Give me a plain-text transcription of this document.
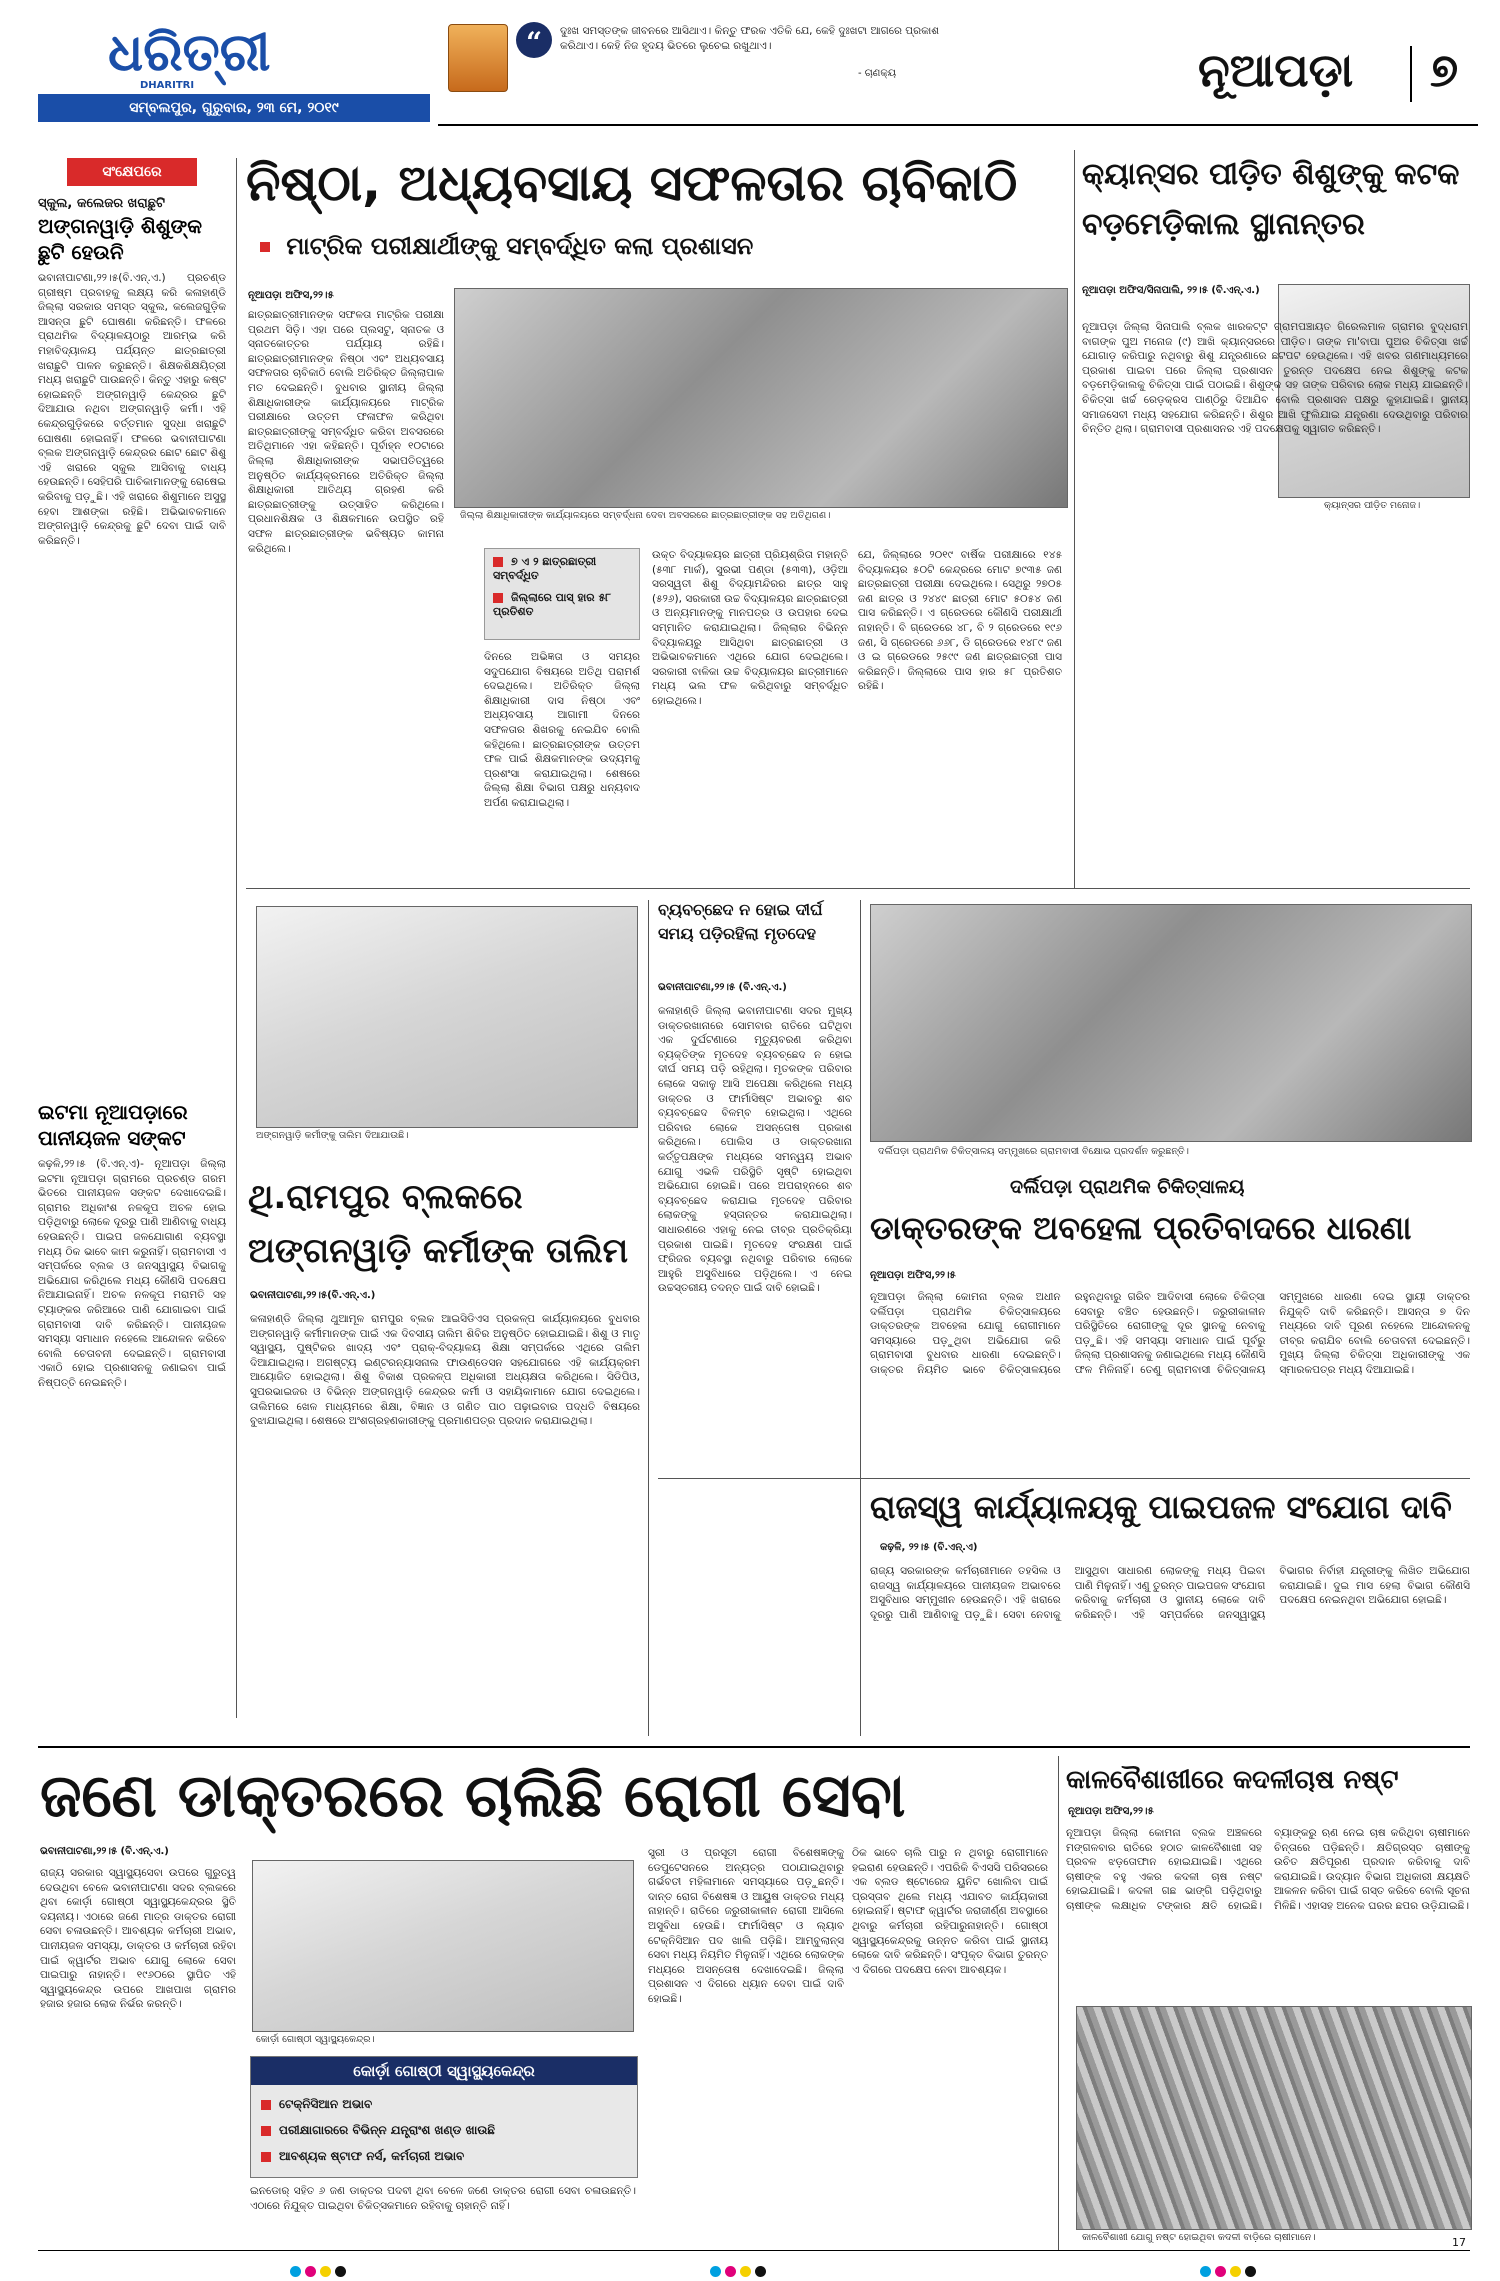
ଧରିତ୍ରୀ
DHARITRI
ସମ୍ବଲପୁର, ଗୁରୁବାର, ୨୩ ମେ, ୨୦୧୯
“	ଦୁଃଖ ସମସ୍ତଙ୍କ ଜୀବନରେ ଆସିଥାଏ। କିନ୍ତୁ ଫରକ ଏତିକି ଯେ, କେହି ଦୁଃଖଟା ଆଗରେ ପ୍ରକାଶ କରିଥାଏ। କେହି ନିଜ ହୃଦୟ ଭିତରେ ଲୁଚେଇ ରଖୁଥାଏ।
- ଚାଣକ୍ୟ	ନୂଆପଡ଼ା ୭
ସଂକ୍ଷେପରେ
ସ୍କୁଲ, କଲେଜର ଖରାଛୁଟି
ଅଙ୍ଗନୱାଡ଼ି ଶିଶୁଙ୍କ ଛୁଟି ହେଉନି
ଭବାନୀପାଟଣା,୨୨।୫(ବି.ଏନ୍.ଏ.) ପ୍ରଚଣ୍ଡ ଗ୍ରୀଷ୍ମ ପ୍ରବାହକୁ ଲକ୍ଷ୍ୟ କରି କଳାହାଣ୍ଡି ଜିଲ୍ଲା ସରକାର ସମସ୍ତ ସ୍କୁଲ, କଲେଜଗୁଡ଼ିକ ଆସନ୍ତା ଛୁଟି ଘୋଷଣା କରିଛନ୍ତି। ଫଳରେ ପ୍ରାଥମିକ ବିଦ୍ୟାଳୟଠାରୁ ଆରମ୍ଭ କରି ମହାବିଦ୍ୟାଳୟ ପର୍ଯ୍ୟନ୍ତ ଛାତ୍ରଛାତ୍ରୀ ଖରାଛୁଟି ପାଳନ କରୁଛନ୍ତି। ଶିକ୍ଷକଶିକ୍ଷୟିତ୍ରୀ ମଧ୍ୟ ଖରାଛୁଟି ପାଉଛନ୍ତି। କିନ୍ତୁ ଏହାରୁ କଷ୍ଟ ହୋଇଛନ୍ତି ଅଙ୍ଗନୱାଡ଼ି କେନ୍ଦ୍ରର ଛୁଟି ଦିଆଯାଉ ନଥିବା ଅଙ୍ଗନୱାଡ଼ି କର୍ମୀ। ଏହି କେନ୍ଦ୍ରଗୁଡ଼ିକରେ ବର୍ତ୍ତମାନ ସୁଦ୍ଧା ଖରାଛୁଟି ଘୋଷଣା ହୋଇନାହିଁ। ଫଳରେ ଭବାନୀପାଟଣା ବ୍ଲକ ଅଙ୍ଗନୱାଡ଼ି କେନ୍ଦ୍ରର ଛୋଟ ଛୋଟ ଶିଶୁ ଏହି ଖରାରେ ସ୍କୁଲ ଆସିବାକୁ ବାଧ୍ୟ ହେଉଛନ୍ତି। ସେହିପରି ପାଚିକାମାନଙ୍କୁ ରୋଷେଇ କରିବାକୁ ପଡ଼ୁଛି। ଏହି ଖରାରେ ଶିଶୁମାନେ ଅସୁସ୍ଥ ହେବା ଆଶଙ୍କା ରହିଛି। ଅଭିଭାବକମାନେ ଅଙ୍ଗନୱାଡ଼ି କେନ୍ଦ୍ରକୁ ଛୁଟି ଦେବା ପାଇଁ ଦାବି କରିଛନ୍ତି।
ଇଟମା ନୂଆପଡ଼ାରେ ପାନୀୟଜଳ ସଙ୍କଟ
କଢ଼ଳି,୨୨।୫ (ବି.ଏନ୍.ଏ)- ନୂଆପଡ଼ା ଜିଲ୍ଲା ଇଟମା ନୂଆପଡ଼ା ଗ୍ରାମରେ ପ୍ରଚଣ୍ଡ ଗରମ ଭିତରେ ପାନୀୟଜଳ ସଙ୍କଟ ଦେଖାଦେଇଛି। ଗ୍ରାମର ଅଧିକାଂଶ ନଳକୂପ ଅଚଳ ହୋଇ ପଡ଼ିଥିବାରୁ ଲୋକେ ଦୂରରୁ ପାଣି ଆଣିବାକୁ ବାଧ୍ୟ ହେଉଛନ୍ତି। ପାଇପ ଜଳଯୋଗାଣ ବ୍ୟବସ୍ଥା ମଧ୍ୟ ଠିକ ଭାବେ କାମ କରୁନାହିଁ। ଗ୍ରାମବାସୀ ଏ ସମ୍ପର୍କରେ ବ୍ଲକ ଓ ଜନସ୍ୱାସ୍ଥ୍ୟ ବିଭାଗକୁ ଅଭିଯୋଗ କରିଥିଲେ ମଧ୍ୟ କୌଣସି ପଦକ୍ଷେପ ନିଆଯାଇନାହିଁ। ଅଚଳ ନଳକୂପ ମରାମତି ସହ ଟ୍ୟାଙ୍କର ଜରିଆରେ ପାଣି ଯୋଗାଇବା ପାଇଁ ଗ୍ରାମବାସୀ ଦାବି କରିଛନ୍ତି। ପାନୀୟଜଳ ସମସ୍ୟା ସମାଧାନ ନହେଲେ ଆନ୍ଦୋଳନ କରିବେ ବୋଲି ଚେତାବନୀ ଦେଇଛନ୍ତି। ଗ୍ରାମବାସୀ ଏକାଠି ହୋଇ ପ୍ରଶାସନକୁ ଜଣାଇବା ପାଇଁ ନିଷ୍ପତ୍ତି ନେଇଛନ୍ତି।
ନିଷ୍ଠା, ଅଧ୍ୟବସାୟ ସଫଳତାର ଚାବିକାଠି
ମାଟ୍ରିକ ପରୀକ୍ଷାର୍ଥୀଙ୍କୁ ସମ୍ବର୍ଦ୍ଧିତ କଲା ପ୍ରଶାସନ
ନୂଆପଡ଼ା ଅଫିସ,୨୨।୫
ଛାତ୍ରଛାତ୍ରୀମାନଙ୍କ ସଫଳତା ମାଟ୍ରିକ ପରୀକ୍ଷା ପ୍ରଥମ ସିଡ଼ି। ଏହା ପରେ ପ୍ଲସଟୁ, ସ୍ନାତକ ଓ ସ୍ନାତକୋତ୍ତର ପର୍ଯ୍ୟାୟ ରହିଛି। ଛାତ୍ରଛାତ୍ରୀମାନଙ୍କ ନିଷ୍ଠା ଏବଂ ଅଧ୍ୟବସାୟ ସଫଳତାର ଚାବିକାଠି ବୋଲି ଅତିରିକ୍ତ ଜିଲ୍ଲାପାଳ ମତ ଦେଇଛନ୍ତି। ବୁଧବାର ସ୍ଥାନୀୟ ଜିଲ୍ଲା ଶିକ୍ଷାଧିକାରୀଙ୍କ କାର୍ଯ୍ୟାଳୟରେ ମାଟ୍ରିକ ପରୀକ୍ଷାରେ ଉତ୍ତମ ଫଳାଫଳ କରିଥିବା ଛାତ୍ରଛାତ୍ରୀଙ୍କୁ ସମ୍ବର୍ଦ୍ଧିତ କରିବା ଅବସରରେ ଅତିଥିମାନେ ଏହା କହିଛନ୍ତି। ପୂର୍ବାହ୍ନ ୧୦ଟାରେ ଜିଲ୍ଲା ଶିକ୍ଷାଧିକାରୀଙ୍କ ସଭାପତିତ୍ୱରେ ଅନୁଷ୍ଠିତ କାର୍ଯ୍ୟକ୍ରମରେ ଅତିରିକ୍ତ ଜିଲ୍ଲା ଶିକ୍ଷାଧିକାରୀ ଆତିଥ୍ୟ ଗ୍ରହଣ କରି ଛାତ୍ରଛାତ୍ରୀଙ୍କୁ ଉତ୍ସାହିତ କରିଥିଲେ। ପ୍ରଧାନଶିକ୍ଷକ ଓ ଶିକ୍ଷକମାନେ ଉପସ୍ଥିତ ରହି ସଫଳ ଛାତ୍ରଛାତ୍ରୀଙ୍କ ଭବିଷ୍ୟତ କାମନା କରିଥିଲେ।
ଜିଲ୍ଲା ଶିକ୍ଷାଧିକାରୀଙ୍କ କାର୍ଯ୍ୟାଳୟରେ ସମ୍ବର୍ଦ୍ଧନା ଦେବା ଅବସରରେ ଛାତ୍ରଛାତ୍ରୀଙ୍କ ସହ ଅତିଥିଗଣ।
୭ ଏ ୨ ଛାତ୍ରଛାତ୍ରୀ ସମ୍ବର୍ଦ୍ଧିତ
ଜିଲ୍ଲାରେ ପାସ୍ ହାର ୫୮ ପ୍ରତିଶତ
ଦିନରେ ଅଭିଜ୍ଞତା ଓ ସମୟର ସଦୁପଯୋଗ ବିଷୟରେ ଅତିଥି ପରାମର୍ଶ ଦେଇଥିଲେ। ଅତିରିକ୍ତ ଜିଲ୍ଲା ଶିକ୍ଷାଧିକାରୀ ଦାସ ନିଷ୍ଠା ଏବଂ ଅଧ୍ୟବସାୟ ଆଗାମୀ ଦିନରେ ସଫଳତାର ଶିଖରକୁ ନେଇଯିବ ବୋଲି କହିଥିଲେ। ଛାତ୍ରଛାତ୍ରୀଙ୍କ ଉତ୍ତମ ଫଳ ପାଇଁ ଶିକ୍ଷକମାନଙ୍କ ଉଦ୍ୟମକୁ ପ୍ରଶଂସା କରାଯାଇଥିଲା। ଶେଷରେ ଜିଲ୍ଲା ଶିକ୍ଷା ବିଭାଗ ପକ୍ଷରୁ ଧନ୍ୟବାଦ ଅର୍ପଣ କରାଯାଇଥିଲା।
ଉକ୍ତ ବିଦ୍ୟାଳୟର ଛାତ୍ରୀ ପ୍ରିୟଶ୍ରିତା ମହାନ୍ତି (୫୩୮ ମାର୍କ), ସୁରଭୀ ପଣ୍ଡା (୫୩୩), ଓଡ଼ିଆ ସରସ୍ୱତୀ ଶିଶୁ ବିଦ୍ୟାମନ୍ଦିରର ଛାତ୍ର ସାହୁ (୫୨୬), ସରକାରୀ ଉଚ୍ଚ ବିଦ୍ୟାଳୟର ଛାତ୍ରଛାତ୍ରୀ ଓ ଅନ୍ୟମାନଙ୍କୁ ମାନପତ୍ର ଓ ଉପହାର ଦେଇ ସମ୍ମାନିତ କରାଯାଇଥିଲା। ଜିଲ୍ଲାର ବିଭିନ୍ନ ବିଦ୍ୟାଳୟରୁ ଆସିଥିବା ଛାତ୍ରଛାତ୍ରୀ ଓ ଅଭିଭାବକମାନେ ଏଥିରେ ଯୋଗ ଦେଇଥିଲେ। ସରକାରୀ ବାଳିକା ଉଚ୍ଚ ବିଦ୍ୟାଳୟର ଛାତ୍ରୀମାନେ ମଧ୍ୟ ଭଲ ଫଳ କରିଥିବାରୁ ସମ୍ବର୍ଦ୍ଧିତ ହୋଇଥିଲେ।
ଯେ, ଜିଲ୍ଲାରେ ୨୦୧୯ ବାର୍ଷିକ ପରୀକ୍ଷାରେ ୧୪୫ ବିଦ୍ୟାଳୟର ୫୦ଟି କେନ୍ଦ୍ରରେ ମୋଟ ୭୯୩୫ ଜଣ ଛାତ୍ରଛାତ୍ରୀ ପରୀକ୍ଷା ଦେଇଥିଲେ। ସେଥିରୁ ୨୭୦୫ ଜଣ ଛାତ୍ର ଓ ୨୪୪୯ ଛାତ୍ରୀ ମୋଟ ୫୦୫୪ ଜଣ ପାସ କରିଛନ୍ତି। ଏ ଗ୍ରେଡରେ କୌଣସି ପରୀକ୍ଷାର୍ଥୀ ନାହାନ୍ତି। ବି ଗ୍ରେଡରେ ୪୮, ବି ୨ ଗ୍ରେଡରେ ୧୯୬ ଜଣ, ସି ଗ୍ରେଡରେ ୬୬୮, ଡି ଗ୍ରେଡରେ ୧୪୮୯ ଜଣ ଓ ଇ ଗ୍ରେଡରେ ୨୫୯୯ ଜଣ ଛାତ୍ରଛାତ୍ରୀ ପାସ କରିଛନ୍ତି। ଜିଲ୍ଲାରେ ପାସ ହାର ୫୮ ପ୍ରତିଶତ ରହିଛି।
କ୍ୟାନ୍ସର ପୀଡ଼ିତ ଶିଶୁଙ୍କୁ କଟକ ବଡ଼ମେଡ଼ିକାଲ ସ୍ଥାନାନ୍ତର
ନୂଆପଡ଼ା ଅଫିସ/ସିନାପାଲି, ୨୨।୫ (ବି.ଏନ୍.ଏ.)
କ୍ୟାନ୍ସର ପୀଡ଼ିତ ମନୋଜ।
ନୂଆପଡ଼ା ଜିଲ୍ଲା ସିନାପାଲି ବ୍ଲକ ଖାରକଟ୍ଟ ଗ୍ରାମପଞ୍ଚାୟତ ଗିରେଲମାଳ ଗ୍ରାମର ବୁଦ୍ଧରାମ ବାଗଙ୍କ ପୁଅ ମନୋଜ (୯) ଆଖି କ୍ୟାନ୍ସରରେ ପୀଡ଼ିତ। ତାଙ୍କ ମା'ବାପା ପୁଅର ଚିକିତ୍ସା ଖର୍ଚ୍ଚ ଯୋଗାଡ଼ କରିପାରୁ ନଥିବାରୁ ଶିଶୁ ଯନ୍ତ୍ରଣାରେ ଛଟପଟ ହେଉଥିଲେ। ଏହି ଖବର ଗଣମାଧ୍ୟମରେ ପ୍ରକାଶ ପାଇବା ପରେ ଜିଲ୍ଲା ପ୍ରଶାସନ ତୁରନ୍ତ ପଦକ୍ଷେପ ନେଇ ଶିଶୁଙ୍କୁ କଟକ ବଡ଼ମେଡ଼ିକାଲକୁ ଚିକିତ୍ସା ପାଇଁ ପଠାଇଛି। ଶିଶୁଙ୍କ ସହ ତାଙ୍କ ପରିବାର ଲୋକ ମଧ୍ୟ ଯାଇଛନ୍ତି। ଚିକିତ୍ସା ଖର୍ଚ୍ଚ ରେଡ଼କ୍ରସ ପାଣ୍ଠିରୁ ଦିଆଯିବ ବୋଲି ପ୍ରଶାସନ ପକ୍ଷରୁ କୁହାଯାଇଛି। ସ୍ଥାନୀୟ ସମାଜସେବୀ ମଧ୍ୟ ସହଯୋଗ କରିଛନ୍ତି। ଶିଶୁର ଆଖି ଫୁଲିଯାଇ ଯନ୍ତ୍ରଣା ଦେଉଥିବାରୁ ପରିବାର ଚିନ୍ତିତ ଥିଲା। ଗ୍ରାମବାସୀ ପ୍ରଶାସନର ଏହି ପଦକ୍ଷେପକୁ ସ୍ୱାଗତ କରିଛନ୍ତି।
ଅଙ୍ଗନୱାଡ଼ି କର୍ମୀଙ୍କୁ ତାଲିମ ଦିଆଯାଉଛି।
ଥି.ରାମପୁର ବ୍ଲକରେ ଅଙ୍ଗନୱାଡ଼ି କର୍ମୀଙ୍କ ତାଲିମ
ଭବାନୀପାଟଣା,୨୨।୫(ବି.ଏନ୍.ଏ.)
କଳାହାଣ୍ଡି ଜିଲ୍ଲା ଥୁଆମୂଳ ରାମପୁର ବ୍ଲକ ଆଇସିଡିଏସ ପ୍ରକଳ୍ପ କାର୍ଯ୍ୟାଳୟରେ ବୁଧବାର ଅଙ୍ଗନୱାଡ଼ି କର୍ମୀମାନଙ୍କ ପାଇଁ ଏକ ଦିବସୀୟ ତାଲିମ ଶିବିର ଅନୁଷ୍ଠିତ ହୋଇଯାଇଛି। ଶିଶୁ ଓ ମାତୃ ସ୍ୱାସ୍ଥ୍ୟ, ପୁଷ୍ଟିକର ଖାଦ୍ୟ ଏବଂ ପ୍ରାକ୍-ବିଦ୍ୟାଳୟ ଶିକ୍ଷା ସମ୍ପର୍କରେ ଏଥିରେ ତାଲିମ ଦିଆଯାଇଥିଲା। ଅଗଷ୍ଟ୍ୟ ଇଣ୍ଟରନ୍ୟାସନାଲ ଫାଉଣ୍ଡେସନ ସହଯୋଗରେ ଏହି କାର୍ଯ୍ୟକ୍ରମ ଆୟୋଜିତ ହୋଇଥିଲା। ଶିଶୁ ବିକାଶ ପ୍ରକଳ୍ପ ଅଧିକାରୀ ଅଧ୍ୟକ୍ଷତା କରିଥିଲେ। ସିଡିପିଓ, ସୁପରଭାଇଜର ଓ ବିଭିନ୍ନ ଅଙ୍ଗନୱାଡ଼ି କେନ୍ଦ୍ରର କର୍ମୀ ଓ ସହାୟିକାମାନେ ଯୋଗ ଦେଇଥିଲେ। ତାଲିମରେ ଖେଳ ମାଧ୍ୟମରେ ଶିକ୍ଷା, ବିଜ୍ଞାନ ଓ ଗଣିତ ପାଠ ପଢ଼ାଇବାର ପଦ୍ଧତି ବିଷୟରେ ବୁଝାଯାଇଥିଲା। ଶେଷରେ ଅଂଶଗ୍ରହଣକାରୀଙ୍କୁ ପ୍ରମାଣପତ୍ର ପ୍ରଦାନ କରାଯାଇଥିଲା।
ବ୍ୟବଚ୍ଛେଦ ନ ହୋଇ ଦୀର୍ଘ ସମୟ ପଡ଼ିରହିଲା ମୃତଦେହ
ଭବାନୀପାଟଣା,୨୨।୫ (ବି.ଏନ୍.ଏ.)
କଳାହାଣ୍ଡି ଜିଲ୍ଲା ଭବାନୀପାଟଣା ସଦର ମୁଖ୍ୟ ଡାକ୍ତରଖାନାରେ ସୋମବାର ରାତିରେ ଘଟିଥିବା ଏକ ଦୁର୍ଘଟଣାରେ ମୃତ୍ୟୁବରଣ କରିଥିବା ବ୍ୟକ୍ତିଙ୍କ ମୃତଦେହ ବ୍ୟବଚ୍ଛେଦ ନ ହୋଇ ଦୀର୍ଘ ସମୟ ପଡ଼ି ରହିଥିଲା। ମୃତକଙ୍କ ପରିବାର ଲୋକେ ସକାଳୁ ଆସି ଅପେକ୍ଷା କରିଥିଲେ ମଧ୍ୟ ଡାକ୍ତର ଓ ଫାର୍ମାସିଷ୍ଟ ଅଭାବରୁ ଶବ ବ୍ୟବଚ୍ଛେଦ ବିଳମ୍ବ ହୋଇଥିଲା। ଏଥିରେ ପରିବାର ଲୋକେ ଅସନ୍ତୋଷ ପ୍ରକାଶ କରିଥିଲେ। ପୋଲିସ ଓ ଡାକ୍ତରଖାନା କର୍ତ୍ତୃପକ୍ଷଙ୍କ ମଧ୍ୟରେ ସମନ୍ୱୟ ଅଭାବ ଯୋଗୁ ଏଭଳି ପରିସ୍ଥିତି ସୃଷ୍ଟି ହୋଇଥିବା ଅଭିଯୋଗ ହୋଇଛି। ପରେ ଅପରାହ୍ନରେ ଶବ ବ୍ୟବଚ୍ଛେଦ କରାଯାଇ ମୃତଦେହ ପରିବାର ଲୋକଙ୍କୁ ହସ୍ତାନ୍ତର କରାଯାଇଥିଲା। ସାଧାରଣରେ ଏହାକୁ ନେଇ ତୀବ୍ର ପ୍ରତିକ୍ରିୟା ପ୍ରକାଶ ପାଇଛି। ମୃତଦେହ ସଂରକ୍ଷଣ ପାଇଁ ଫ୍ରିଜର ବ୍ୟବସ୍ଥା ନଥିବାରୁ ପରିବାର ଲୋକେ ଆହୁରି ଅସୁବିଧାରେ ପଡ଼ିଥିଲେ। ଏ ନେଇ ଉଚ୍ଚସ୍ତରୀୟ ତଦନ୍ତ ପାଇଁ ଦାବି ହୋଇଛି।
ଦର୍ଲିପଡ଼ା ପ୍ରାଥମିକ ଚିକିତ୍ସାଳୟ ସମ୍ମୁଖରେ ଗ୍ରାମବାସୀ ବିକ୍ଷୋଭ ପ୍ରଦର୍ଶନ କରୁଛନ୍ତି।
ଦର୍ଲିପଡ଼ା ପ୍ରାଥମିକ ଚିକିତ୍ସାଳୟ
ଡାକ୍ତରଙ୍କ ଅବହେଳା ପ୍ରତିବାଦରେ ଧାରଣା
ନୂଆପଡ଼ା ଅଫିସ,୨୨।୫
ନୂଆପଡ଼ା ଜିଲ୍ଲା କୋମନା ବ୍ଲକ ଅଧୀନ ଦର୍ଲିପଡ଼ା ପ୍ରାଥମିକ ଚିକିତ୍ସାଳୟରେ ଡାକ୍ତରଙ୍କ ଅବହେଳା ଯୋଗୁ ରୋଗୀମାନେ ସମସ୍ୟାରେ ପଡ଼ୁଥିବା ଅଭିଯୋଗ କରି ଗ୍ରାମବାସୀ ବୁଧବାର ଧାରଣା ଦେଇଛନ୍ତି। ଡାକ୍ତର ନିୟମିତ ଭାବେ ଚିକିତ୍ସାଳୟରେ ରହୁନଥିବାରୁ ଗରିବ ଆଦିବାସୀ ଲୋକେ ଚିକିତ୍ସା ସେବାରୁ ବଞ୍ଚିତ ହେଉଛନ୍ତି। ଜରୁରୀକାଳୀନ ପରିସ୍ଥିତିରେ ରୋଗୀଙ୍କୁ ଦୂର ସ୍ଥାନକୁ ନେବାକୁ ପଡ଼ୁଛି। ଏହି ସମସ୍ୟା ସମାଧାନ ପାଇଁ ପୂର୍ବରୁ ଜିଲ୍ଲା ପ୍ରଶାସନକୁ ଜଣାଇଥିଲେ ମଧ୍ୟ କୌଣସି ଫଳ ମିଳିନାହିଁ। ତେଣୁ ଗ୍ରାମବାସୀ ଚିକିତ୍ସାଳୟ ସମ୍ମୁଖରେ ଧାରଣା ଦେଇ ସ୍ଥାୟୀ ଡାକ୍ତର ନିଯୁକ୍ତି ଦାବି କରିଛନ୍ତି। ଆସନ୍ତା ୭ ଦିନ ମଧ୍ୟରେ ଦାବି ପୂରଣ ନହେଲେ ଆନ୍ଦୋଳନକୁ ତୀବ୍ର କରାଯିବ ବୋଲି ଚେତାବନୀ ଦେଇଛନ୍ତି। ମୁଖ୍ୟ ଜିଲ୍ଲା ଚିକିତ୍ସା ଅଧିକାରୀଙ୍କୁ ଏକ ସ୍ମାରକପତ୍ର ମଧ୍ୟ ଦିଆଯାଇଛି।
ରାଜସ୍ୱ କାର୍ଯ୍ୟାଳୟକୁ ପାଇପଜଳ ସଂଯୋଗ ଦାବି
କଢ଼ଳି, ୨୨।୫ (ବି.ଏନ୍.ଏ)
ରାଜ୍ୟ ସରକାରଙ୍କ କର୍ମଚାରୀମାନେ ତହସିଲ ଓ ରାଜସ୍ୱ କାର୍ଯ୍ୟାଳୟରେ ପାନୀୟଜଳ ଅଭାବରେ ଅସୁବିଧାର ସମ୍ମୁଖୀନ ହେଉଛନ୍ତି। ଏହି ଖରାରେ ଦୂରରୁ ପାଣି ଆଣିବାକୁ ପଡ଼ୁଛି। ସେବା ନେବାକୁ ଆସୁଥିବା ସାଧାରଣ ଲୋକଙ୍କୁ ମଧ୍ୟ ପିଇବା ପାଣି ମିଳୁନାହିଁ। ଏଣୁ ତୁରନ୍ତ ପାଇପଜଳ ସଂଯୋଗ କରିବାକୁ କର୍ମଚାରୀ ଓ ସ୍ଥାନୀୟ ଲୋକେ ଦାବି କରିଛନ୍ତି। ଏହି ସମ୍ପର୍କରେ ଜନସ୍ୱାସ୍ଥ୍ୟ ବିଭାଗର ନିର୍ବାହୀ ଯନ୍ତ୍ରୀଙ୍କୁ ଲିଖିତ ଅଭିଯୋଗ କରାଯାଇଛି। ଦୁଇ ମାସ ହେଲା ବିଭାଗ କୌଣସି ପଦକ୍ଷେପ ନେଇନଥିବା ଅଭିଯୋଗ ହୋଇଛି।
ଜଣେ ଡାକ୍ତରରେ ଚାଲିଛି ରୋଗୀ ସେବା
ଭବାନୀପାଟଣା,୨୨।୫ (ବି.ଏନ୍.ଏ.)
ରାଜ୍ୟ ସରକାର ସ୍ୱାସ୍ଥ୍ୟସେବା ଉପରେ ଗୁରୁତ୍ୱ ଦେଉଥିବା ବେଳେ ଭବାନୀପାଟଣା ସଦର ବ୍ଲକରେ ଥିବା କୋର୍ଡ଼ା ଗୋଷ୍ଠୀ ସ୍ୱାସ୍ଥ୍ୟକେନ୍ଦ୍ରର ସ୍ଥିତି ଦୟନୀୟ। ଏଠାରେ ଜଣେ ମାତ୍ର ଡାକ୍ତର ରୋଗୀ ସେବା ଚଳାଉଛନ୍ତି। ଆବଶ୍ୟକ କର୍ମଚାରୀ ଅଭାବ, ପାନୀୟଜଳ ସମସ୍ୟା, ଡାକ୍ତର ଓ କର୍ମଚାରୀ ରହିବା ପାଇଁ କ୍ୱାର୍ଟର ଅଭାବ ଯୋଗୁ ଲୋକେ ସେବା ପାଇପାରୁ ନାହାନ୍ତି। ୧୯୬୦ରେ ସ୍ଥାପିତ ଏହି ସ୍ୱାସ୍ଥ୍ୟକେନ୍ଦ୍ର ଉପରେ ଆଖପାଖ ଗ୍ରାମର ହଜାର ହଜାର ଲୋକ ନିର୍ଭର କରନ୍ତି।
କୋର୍ଡ଼ା ଗୋଷ୍ଠୀ ସ୍ୱାସ୍ଥ୍ୟକେନ୍ଦ୍ର।
କୋର୍ଡ଼ା ଗୋଷ୍ଠୀ ସ୍ୱାସ୍ଥ୍ୟକେନ୍ଦ୍ର
ଟେକ୍ନିସିଆନ ଅଭାବ
ପରୀକ୍ଷାଗାରରେ ବିଭିନ୍ନ ଯନ୍ତ୍ରାଂଶ ଖଣ୍ଡ ଖାଉଛି
ଆବଶ୍ୟକ ଷ୍ଟାଫ ନର୍ସ, କର୍ମଚାରୀ ଅଭାବ
ଇନଡୋର୍ ସହିତ ୬ ଜଣ ଡାକ୍ତର ପଦବୀ ଥିବା ବେଳେ ଜଣେ ଡାକ୍ତର ରୋଗୀ ସେବା ଚଳାଉଛନ୍ତି। ଏଠାରେ ନିଯୁକ୍ତ ପାଇଥିବା ଚିକିତ୍ସକମାନେ ରହିବାକୁ ଚାହାନ୍ତି ନାହିଁ।
ସ୍ତ୍ରୀ ଓ ପ୍ରସୂତୀ ରୋଗୀ ବିଶେଷଜ୍ଞଙ୍କୁ ଡେପୁଟେସନରେ ଅନ୍ୟତ୍ର ପଠାଯାଇଥିବାରୁ ଗର୍ଭବତୀ ମହିଳାମାନେ ସମସ୍ୟାରେ ପଡ଼ୁଛନ୍ତି। ଦାନ୍ତ ରୋଗ ବିଶେଷଜ୍ଞ ଓ ଆୟୁଷ ଡାକ୍ତର ମଧ୍ୟ ନାହାନ୍ତି। ରାତିରେ ଜରୁରୀକାଳୀନ ରୋଗୀ ଆସିଲେ ଅସୁବିଧା ହେଉଛି। ଫାର୍ମାସିଷ୍ଟ ଓ ଲ୍ୟାବ ଟେକ୍ନିସିଆନ ପଦ ଖାଲି ପଡ଼ିଛି। ଆମ୍ବୁଲାନ୍ସ ସେବା ମଧ୍ୟ ନିୟମିତ ମିଳୁନାହିଁ। ଏଥିରେ ଲୋକଙ୍କ ମଧ୍ୟରେ ଅସନ୍ତୋଷ ଦେଖାଦେଇଛି। ଜିଲ୍ଲା ପ୍ରଶାସନ ଏ ଦିଗରେ ଧ୍ୟାନ ଦେବା ପାଇଁ ଦାବି ହୋଇଛି।
ଠିକ ଭାବେ ଚାଲି ପାରୁ ନ ଥିବାରୁ ରୋଗୀମାନେ ହଇରାଣ ହେଉଛନ୍ତି। ଏପରିକି ବିଏସସି ପରିସରରେ ଏକ ବ୍ଲଡ ଷ୍ଟୋରେଜ ୟୁନିଟ ଖୋଲିବା ପାଇଁ ପ୍ରସ୍ତାବ ଥିଲେ ମଧ୍ୟ ଏଯାବତ କାର୍ଯ୍ୟକାରୀ ହୋଇନାହିଁ। ଷ୍ଟାଫ କ୍ୱାର୍ଟର ଜରାଜୀର୍ଣ୍ଣ ଅବସ୍ଥାରେ ଥିବାରୁ କର୍ମଚାରୀ ରହିପାରୁନାହାନ୍ତି। ଗୋଷ୍ଠୀ ସ୍ୱାସ୍ଥ୍ୟକେନ୍ଦ୍ରକୁ ଉନ୍ନତ କରିବା ପାଇଁ ସ୍ଥାନୀୟ ଲୋକେ ଦାବି କରିଛନ୍ତି। ସଂପୃକ୍ତ ବିଭାଗ ତୁରନ୍ତ ଏ ଦିଗରେ ପଦକ୍ଷେପ ନେବା ଆବଶ୍ୟକ।
କାଳବୈଶାଖୀରେ କଦଳୀଚାଷ ନଷ୍ଟ
ନୂଆପଡ଼ା ଅଫିସ,୨୨।୫
ନୂଆପଡ଼ା ଜିଲ୍ଲା କୋମନା ବ୍ଲକ ଅଞ୍ଚଳରେ ମଙ୍ଗଳବାର ରାତିରେ ହଠାତ କାଳବୈଶାଖୀ ସହ ପ୍ରବଳ ଝଡ଼ତୋଫାନ ହୋଇଯାଇଛି। ଏଥିରେ ଚାଷୀଙ୍କ ବହୁ ଏକର କଦଳୀ ଚାଷ ନଷ୍ଟ ହୋଇଯାଇଛି। କଦଳୀ ଗଛ ଭାଙ୍ଗି ପଡ଼ିଥିବାରୁ ଚାଷୀଙ୍କ ଲକ୍ଷାଧିକ ଟଙ୍କାର କ୍ଷତି ହୋଇଛି। ବ୍ୟାଙ୍କରୁ ଋଣ ନେଇ ଚାଷ କରିଥିବା ଚାଷୀମାନେ ଚିନ୍ତାରେ ପଡ଼ିଛନ୍ତି। କ୍ଷତିଗ୍ରସ୍ତ ଚାଷୀଙ୍କୁ ଉଚିତ କ୍ଷତିପୂରଣ ପ୍ରଦାନ କରିବାକୁ ଦାବି କରାଯାଇଛି। ଉଦ୍ୟାନ ବିଭାଗ ଅଧିକାରୀ କ୍ଷୟକ୍ଷତି ଆକଳନ କରିବା ପାଇଁ ଗସ୍ତ କରିବେ ବୋଲି ସୂଚନା ମିଳିଛି। ଏହାସହ ଅନେକ ଘରର ଛପର ଉଡ଼ିଯାଇଛି।
କାଳବୈଶାଖୀ ଯୋଗୁ ନଷ୍ଟ ହୋଇଥିବା କଦଳୀ ବାଡ଼ିରେ ଚାଷୀମାନେ।	17
